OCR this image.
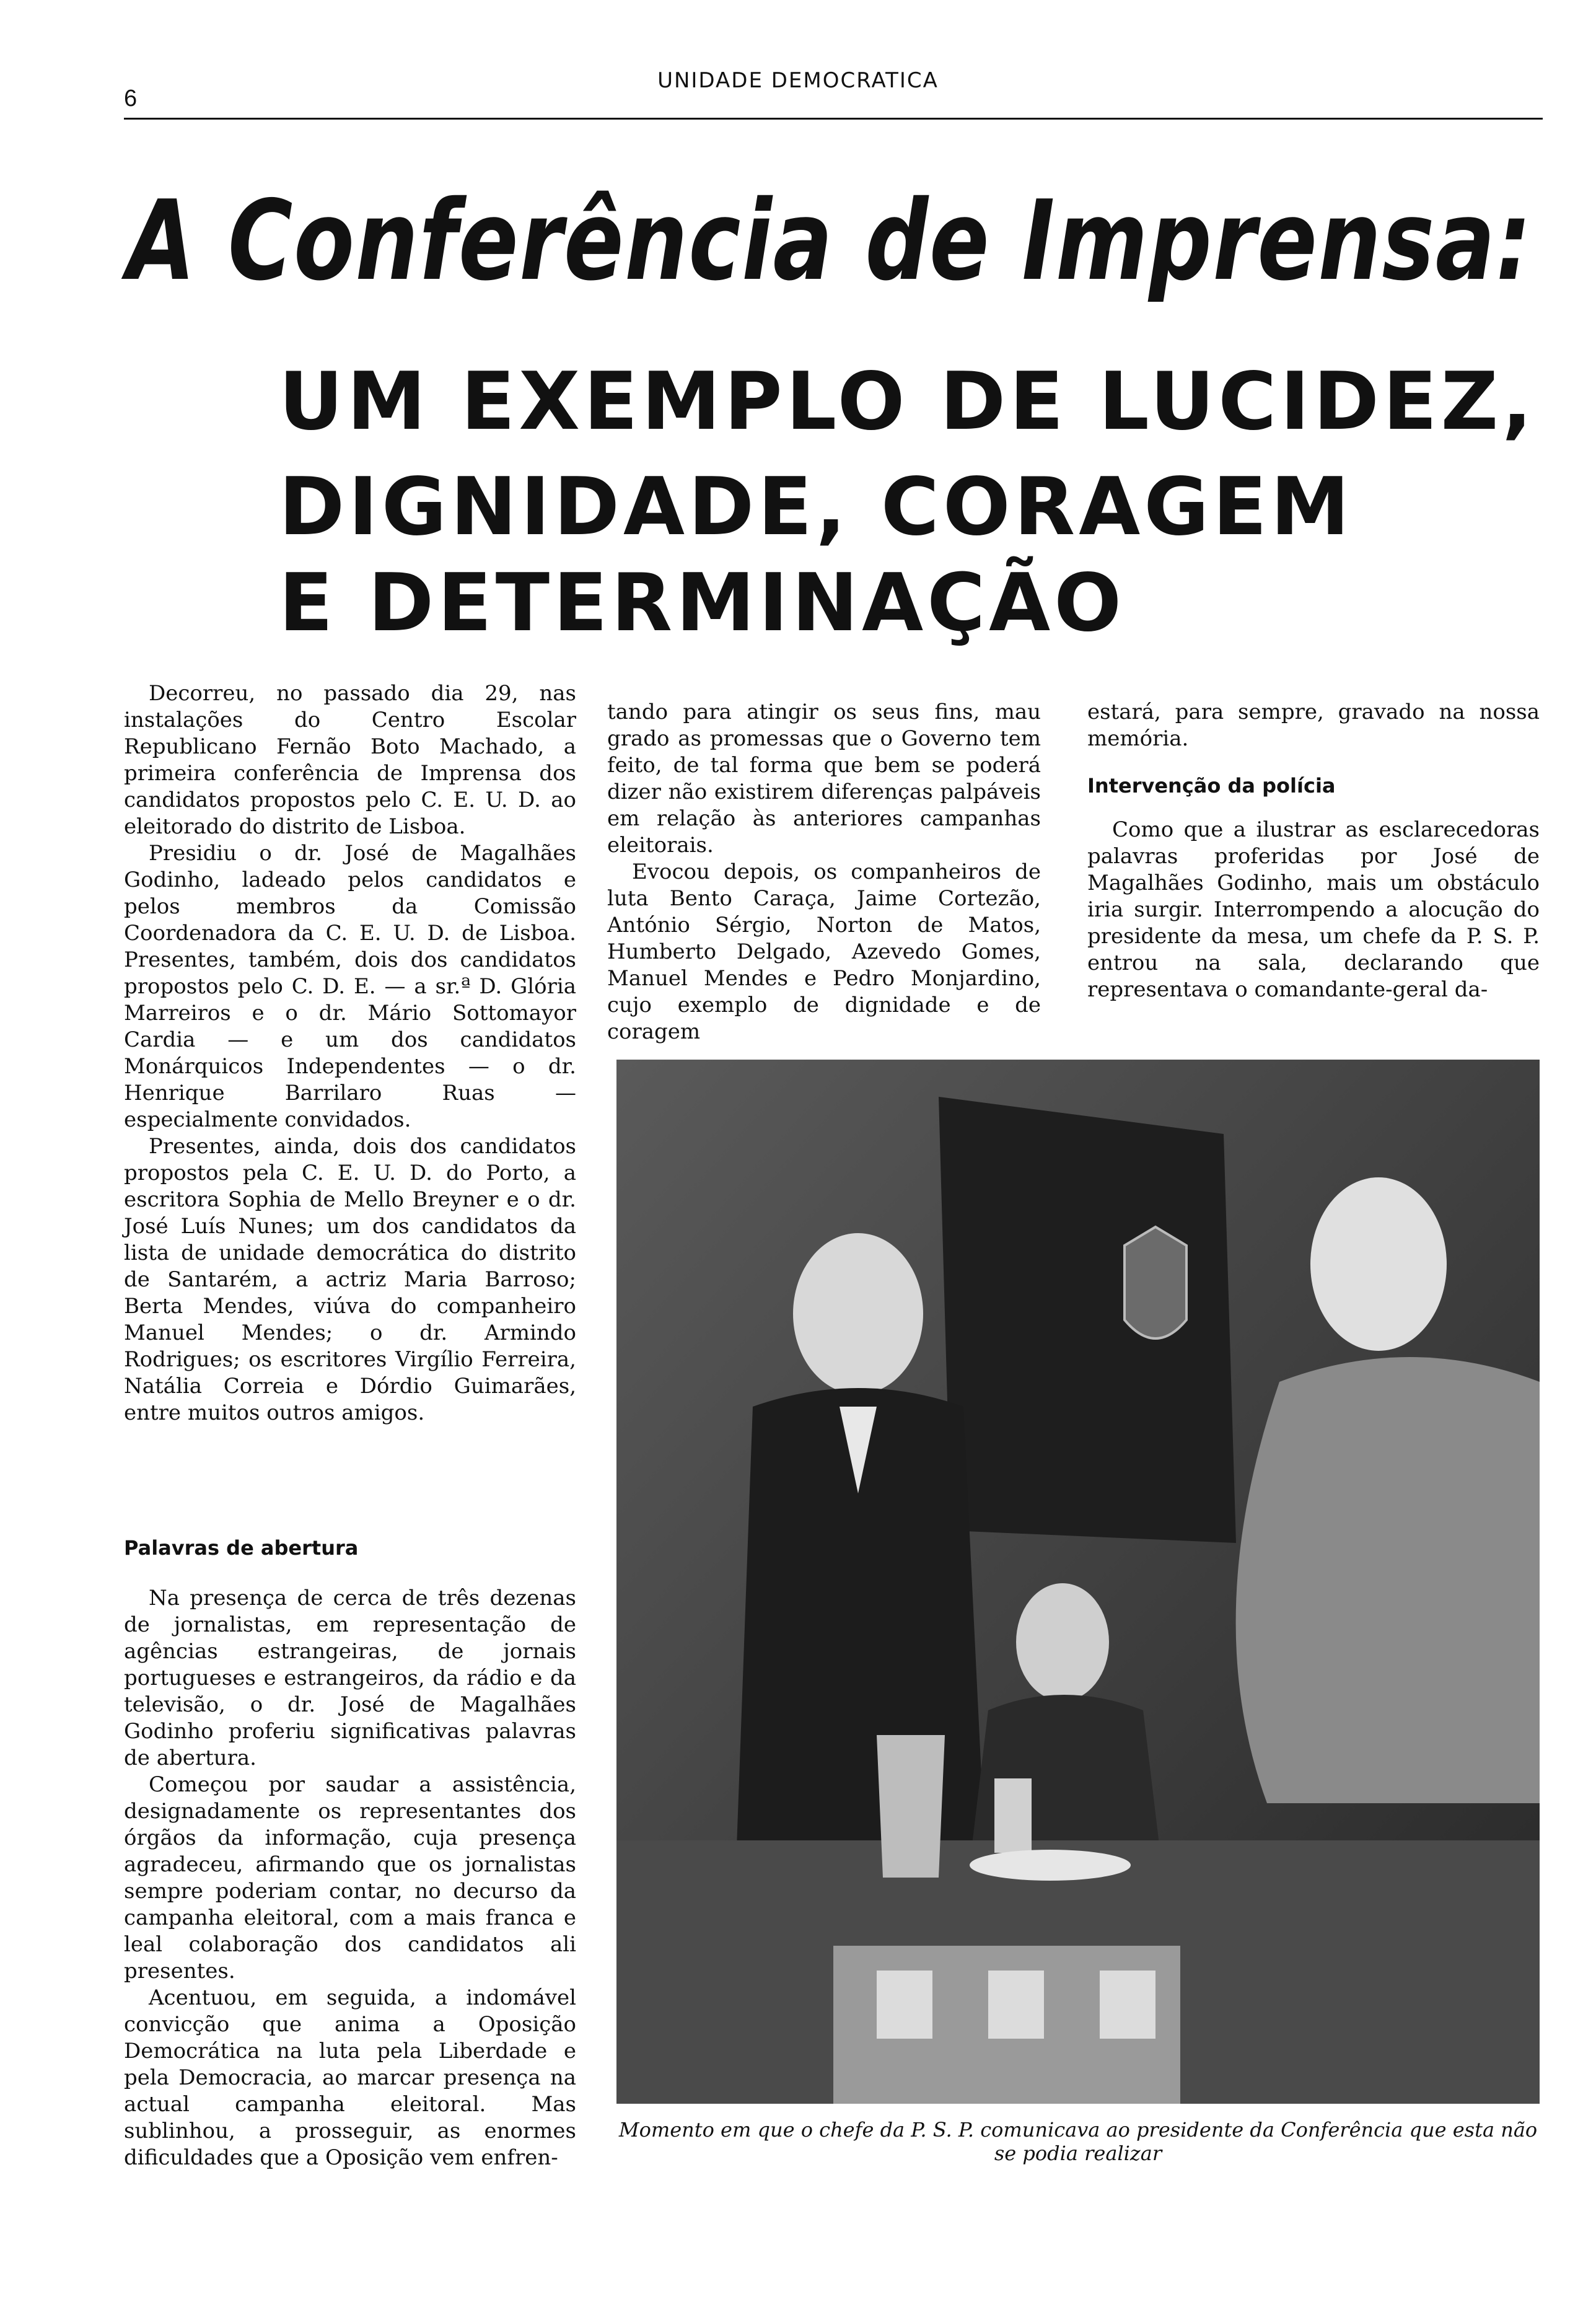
6
UNIDADE DEMOCRATICA
A Conferência de Imprensa:
UM EXEMPLO DE LUCIDEZ,
DIGNIDADE, CORAGEM
E DETERMINAÇÃO

Decorreu, no passado dia 29, nas instalações do Centro Escolar Republicano Fernão Boto Machado, a primeira conferência de Imprensa dos candidatos propostos pelo C. E. U. D. ao eleitorado do distrito de Lisboa.

Presidiu o dr. José de Magalhães Godinho, ladeado pelos candidatos e pelos membros da Comissão Coordenadora da C. E. U. D. de Lisboa. Presentes, também, dois dos candidatos propostos pelo C. D. E. — a sr.ª D. Glória Marreiros e o dr. Mário Sottomayor Cardia — e um dos candidatos Monárquicos Independentes — o dr. Henrique Barrilaro Ruas — especialmente convidados.

Presentes, ainda, dois dos candidatos propostos pela C. E. U. D. do Porto, a escritora Sophia de Mello Breyner e o dr. José Luís Nunes; um dos candidatos da lista de unidade democrática do distrito de Santarém, a actriz Maria Barroso; Berta Mendes, viúva do companheiro Manuel Mendes; o dr. Armindo Rodrigues; os escritores Virgílio Ferreira, Natália Correia e Dórdio Guimarães, entre muitos outros amigos.

Palavras de abertura

Na presença de cerca de três dezenas de jornalistas, em representação de agências estrangeiras, de jornais portugueses e estrangeiros, da rádio e da televisão, o dr. José de Magalhães Godinho proferiu significativas palavras de abertura.

Começou por saudar a assistência, designadamente os representantes dos órgãos da informação, cuja presença agradeceu, afirmando que os jornalistas sempre poderiam contar, no decurso da campanha eleitoral, com a mais franca e leal colaboração dos candidatos ali presentes.

Acentuou, em seguida, a indomável convicção que anima a Oposição Democrática na luta pela Liberdade e pela Democracia, ao marcar presença na actual campanha eleitoral. Mas sublinhou, a prosseguir, as enormes dificuldades que a Oposição vem enfren-

tando para atingir os seus fins, mau grado as promessas que o Governo tem feito, de tal forma que bem se poderá dizer não existirem diferenças palpáveis em relação às anteriores campanhas eleitorais.

Evocou depois, os companheiros de luta Bento Caraça, Jaime Cortezão, António Sérgio, Norton de Matos, Humberto Delgado, Azevedo Gomes, Manuel Mendes e Pedro Monjardino, cujo exemplo de dignidade e de coragem

estará, para sempre, gravado na nossa memória.

Intervenção da polícia

Como que a ilustrar as esclarecedoras palavras proferidas por José de Magalhães Godinho, mais um obstáculo iria surgir. Interrompendo a alocução do presidente da mesa, um chefe da P. S. P. entrou na sala, declarando que representava o comandante-geral da-

Momento em que o chefe da P. S. P. comunicava ao presidente da Conferência que esta não se podia realizar
